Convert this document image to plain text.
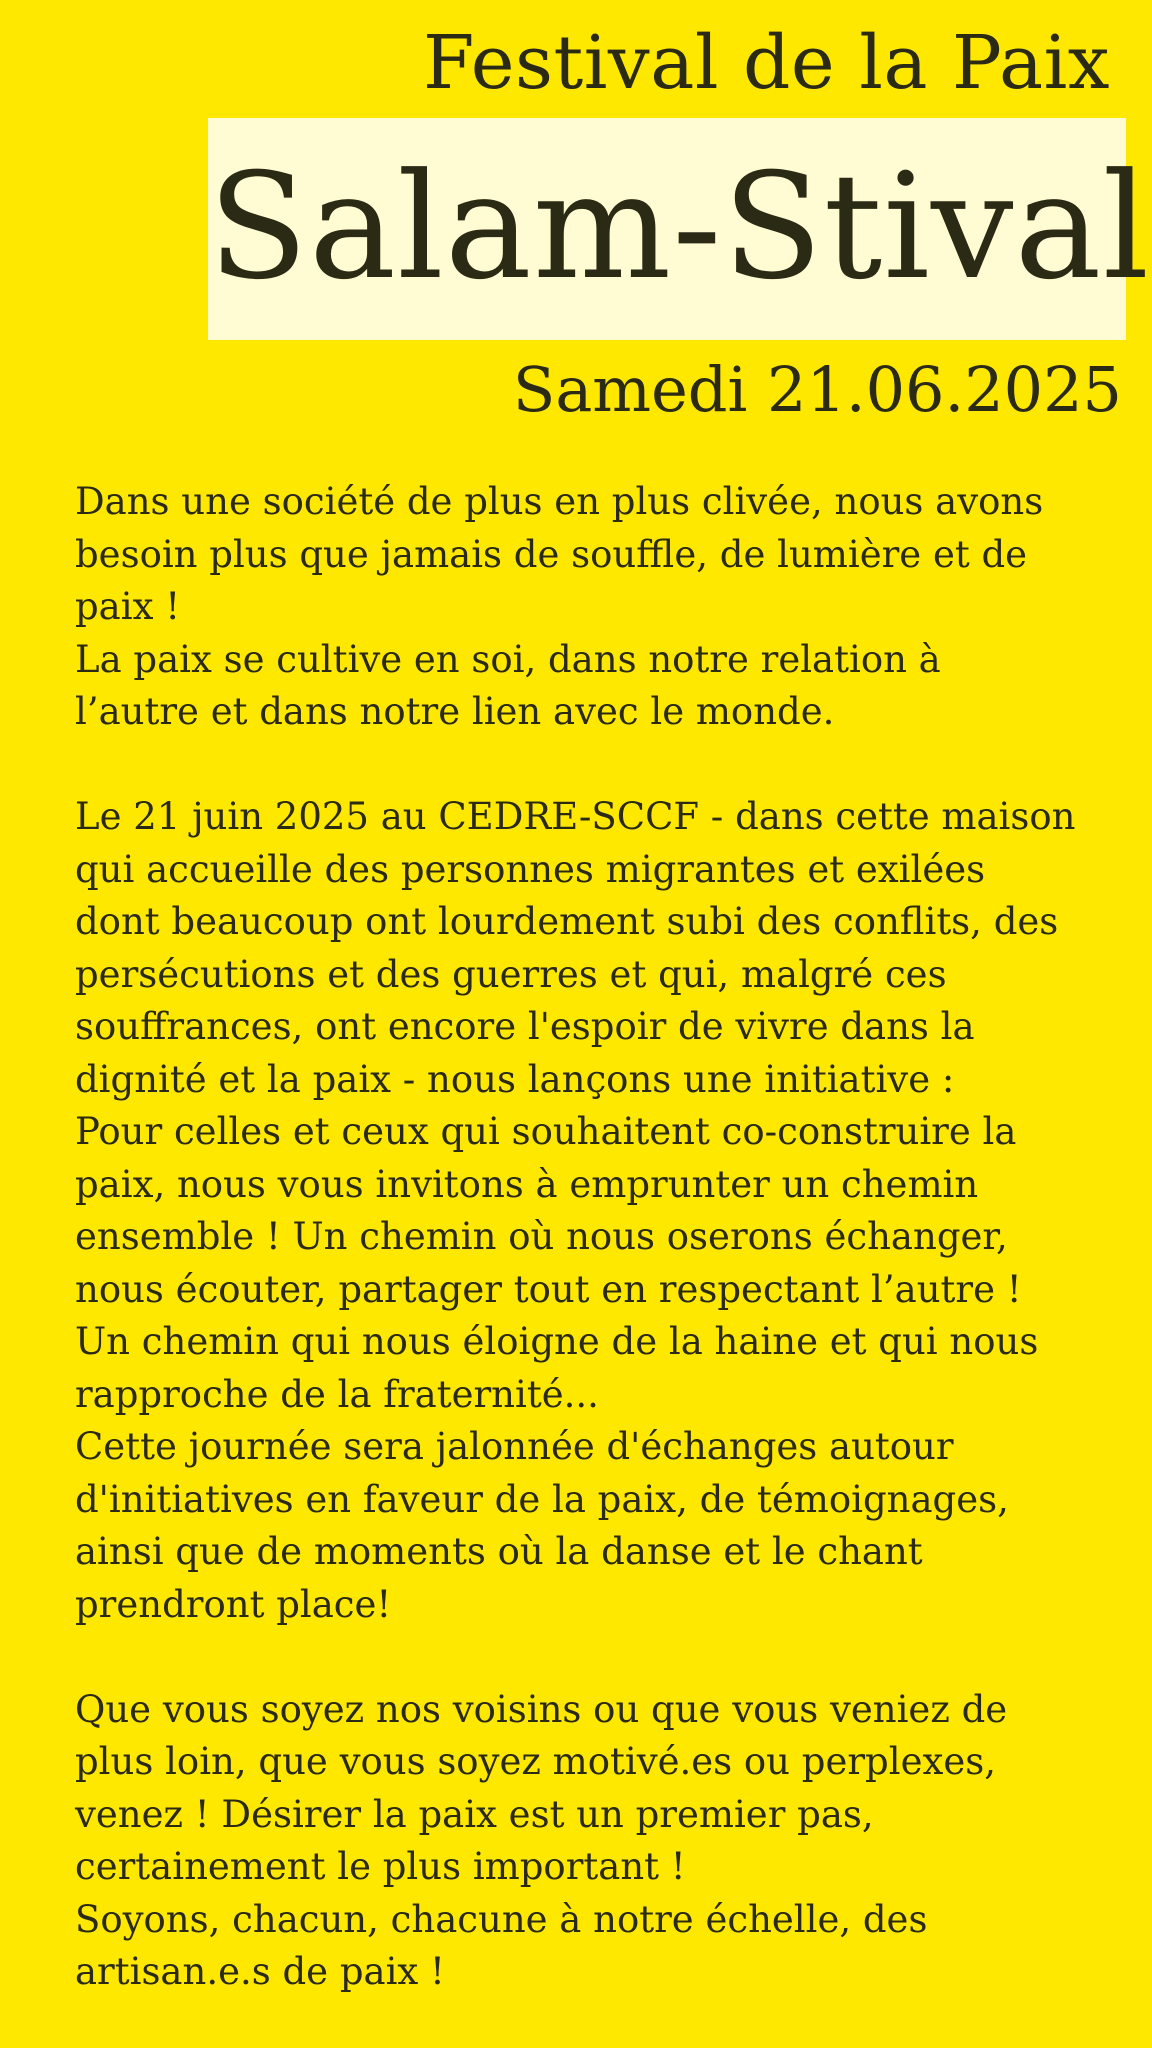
Festival de la Paix
Salam-Stival
Samedi 21.06.2025
Dans une société de plus en plus clivée, nous avons
besoin plus que jamais de souffle, de lumière et de
paix !
La paix se cultive en soi, dans notre relation à
l’autre et dans notre lien avec le monde.
Le 21 juin 2025 au CEDRE-SCCF - dans cette maison
qui accueille des personnes migrantes et exilées
dont beaucoup ont lourdement subi des conflits, des
persécutions et des guerres et qui, malgré ces
souffrances, ont encore l'espoir de vivre dans la
dignité et la paix - nous lançons une initiative :
Pour celles et ceux qui souhaitent co-construire la
paix, nous vous invitons à emprunter un chemin
ensemble ! Un chemin où nous oserons échanger,
nous écouter, partager tout en respectant l’autre !
Un chemin qui nous éloigne de la haine et qui nous
rapproche de la fraternité...
Cette journée sera jalonnée d'échanges autour
d'initiatives en faveur de la paix, de témoignages,
ainsi que de moments où la danse et le chant
prendront place!
Que vous soyez nos voisins ou que vous veniez de
plus loin, que vous soyez motivé.es ou perplexes,
venez ! Désirer la paix est un premier pas,
certainement le plus important !
Soyons, chacun, chacune à notre échelle, des
artisan.e.s de paix !
